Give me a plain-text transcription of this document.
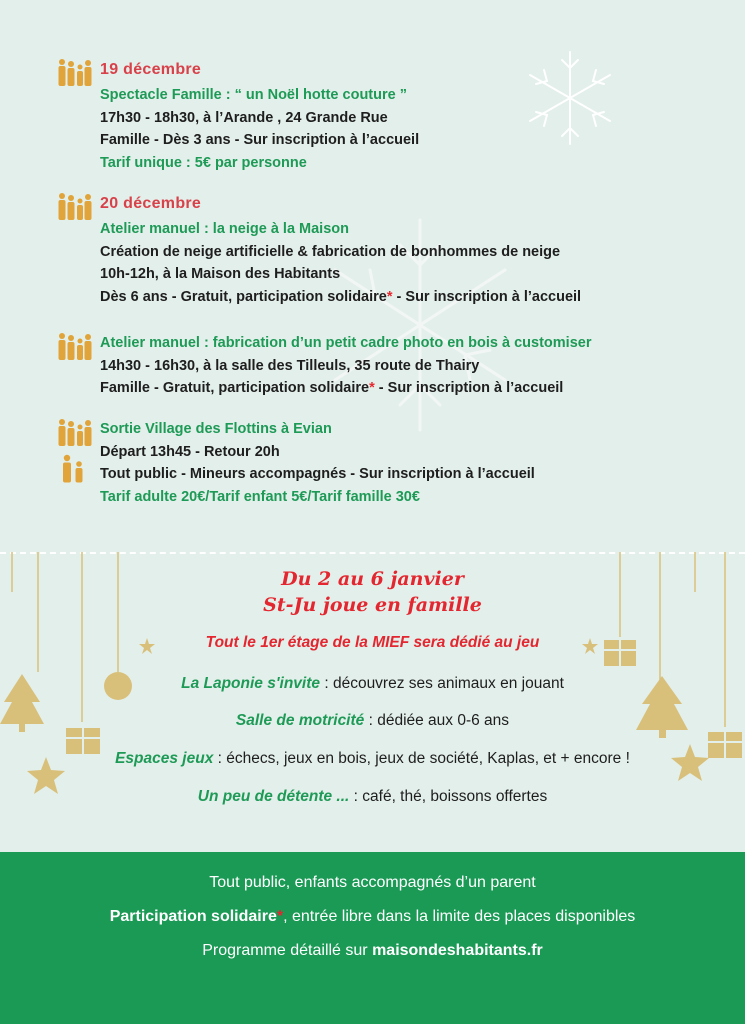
19 décembre
Spectacle Famille : “ un Noël hotte couture ”
17h30 - 18h30, à l’Arande , 24 Grande Rue
Famille - Dès 3 ans - Sur inscription à l’accueil
Tarif unique : 5€ par personne
20 décembre
Atelier manuel : la neige à la Maison
Création de neige artificielle & fabrication de bonhommes de neige
10h-12h, à la Maison des Habitants
Dès 6 ans - Gratuit, participation solidaire* - Sur inscription à l’accueil
Atelier manuel : fabrication d’un petit cadre photo en bois à customiser
14h30 - 16h30, à la salle des Tilleuls, 35 route de Thairy
Famille - Gratuit, participation solidaire* - Sur inscription à l’accueil
Sortie Village des Flottins à Evian
Départ 13h45 - Retour 20h
Tout public - Mineurs accompagnés - Sur inscription à l’accueil
Tarif adulte 20€/Tarif enfant 5€/Tarif famille 30€
Du 2 au 6 janvier
St-Ju joue en famille
Tout le 1er étage de la MIEF sera dédié au jeu
La Laponie s'invite : découvrez ses animaux en jouant
Salle de motricité : dédiée aux 0-6 ans
Espaces jeux : échecs, jeux en bois, jeux de société, Kaplas, et + encore !
Un peu de détente ... : café, thé, boissons offertes
Tout public, enfants accompagnés d’un parent
Participation solidaire*, entrée libre dans la limite des places disponibles
Programme détaillé sur maisondeshabitants.fr
